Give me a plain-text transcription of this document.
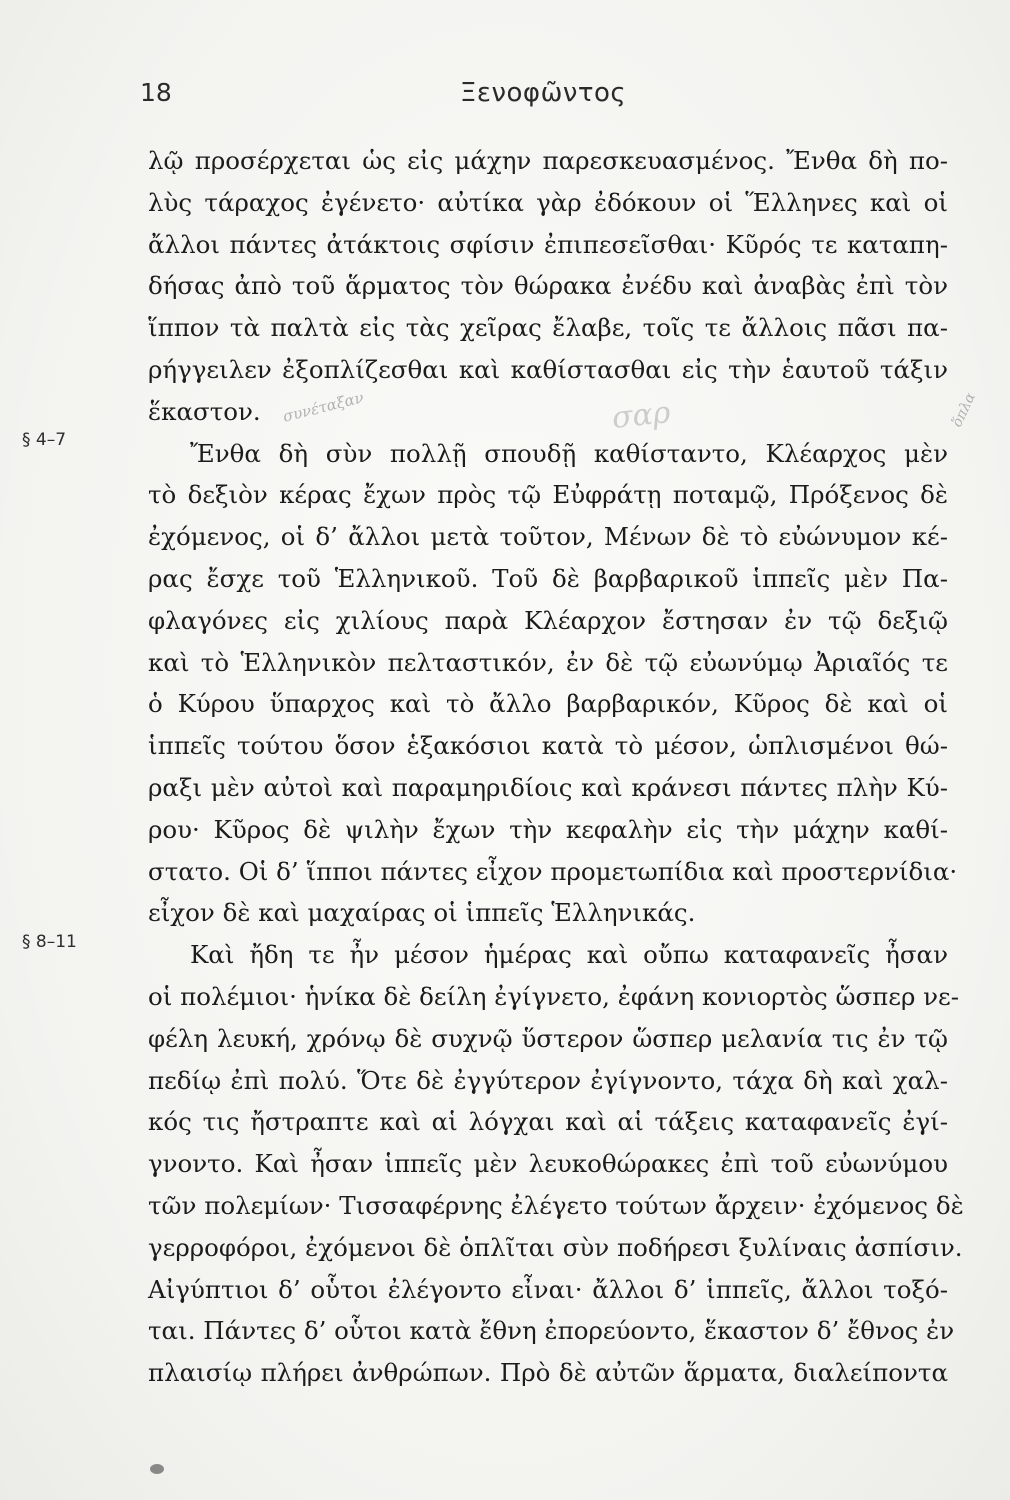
18	Ξενοφῶντος
§ 4–7
§ 8–11
συνέταξαν	σαρ	ὅπλα
λῷ προσέρχεται ὡς εἰς μάχην παρεσκευασμένος. Ἔνθα δὴ πο-
λὺς τάραχος ἐγένετο· αὐτίκα γὰρ ἐδόκουν οἱ Ἕλληνες καὶ οἱ
ἄλλοι πάντες ἀτάκτοις σφίσιν ἐπιπεσεῖσθαι· Κῦρός τε καταπη-
δήσας ἀπὸ τοῦ ἅρματος τὸν θώρακα ἐνέδυ καὶ ἀναβὰς ἐπὶ τὸν
ἵππον τὰ παλτὰ εἰς τὰς χεῖρας ἔλαβε, τοῖς τε ἄλλοις πᾶσι πα-
ρήγγειλεν ἐξοπλίζεσθαι καὶ καθίστασθαι εἰς τὴν ἑαυτοῦ τάξιν
ἕκαστον.
Ἔνθα δὴ σὺν πολλῇ σπουδῇ καθίσταντο, Κλέαρχος μὲν
τὸ δεξιὸν κέρας ἔχων πρὸς τῷ Εὐφράτῃ ποταμῷ, Πρόξενος δὲ
ἐχόμενος, οἱ δ’ ἄλλοι μετὰ τοῦτον, Μένων δὲ τὸ εὐώνυμον κέ-
ρας ἔσχε τοῦ Ἑλληνικοῦ. Τοῦ δὲ βαρβαρικοῦ ἱππεῖς μὲν Πα-
φλαγόνες εἰς χιλίους παρὰ Κλέαρχον ἔστησαν ἐν τῷ δεξιῷ
καὶ τὸ Ἑλληνικὸν πελταστικόν, ἐν δὲ τῷ εὐωνύμῳ Ἀριαῖός τε
ὁ Κύρου ὕπαρχος καὶ τὸ ἄλλο βαρβαρικόν, Κῦρος δὲ καὶ οἱ
ἱππεῖς τούτου ὅσον ἑξακόσιοι κατὰ τὸ μέσον, ὡπλισμένοι θώ-
ραξι μὲν αὐτοὶ καὶ παραμηριδίοις καὶ κράνεσι πάντες πλὴν Κύ-
ρου· Κῦρος δὲ ψιλὴν ἔχων τὴν κεφαλὴν εἰς τὴν μάχην καθί-
στατο. Οἱ δ’ ἵπποι πάντες εἶχον προμετωπίδια καὶ προστερνίδια·
εἶχον δὲ καὶ μαχαίρας οἱ ἱππεῖς Ἑλληνικάς.
Καὶ ἤδη τε ἦν μέσον ἡμέρας καὶ οὔπω καταφανεῖς ἦσαν
οἱ πολέμιοι· ἡνίκα δὲ δείλη ἐγίγνετο, ἐφάνη κονιορτὸς ὥσπερ νε-
φέλη λευκή, χρόνῳ δὲ συχνῷ ὕστερον ὥσπερ μελανία τις ἐν τῷ
πεδίῳ ἐπὶ πολύ. Ὅτε δὲ ἐγγύτερον ἐγίγνοντο, τάχα δὴ καὶ χαλ-
κός τις ἤστραπτε καὶ αἱ λόγχαι καὶ αἱ τάξεις καταφανεῖς ἐγί-
γνοντο. Καὶ ἦσαν ἱππεῖς μὲν λευκοθώρακες ἐπὶ τοῦ εὐωνύμου
τῶν πολεμίων· Τισσαφέρνης ἐλέγετο τούτων ἄρχειν· ἐχόμενος δὲ
γερροφόροι, ἐχόμενοι δὲ ὁπλῖται σὺν ποδήρεσι ξυλίναις ἀσπίσιν.
Αἰγύπτιοι δ’ οὗτοι ἐλέγοντο εἶναι· ἄλλοι δ’ ἱππεῖς, ἄλλοι τοξό-
ται. Πάντες δ’ οὗτοι κατὰ ἔθνη ἐπορεύοντο, ἕκαστον δ’ ἔθνος ἐν
πλαισίῳ πλήρει ἀνθρώπων. Πρὸ δὲ αὐτῶν ἅρματα, διαλείποντα
